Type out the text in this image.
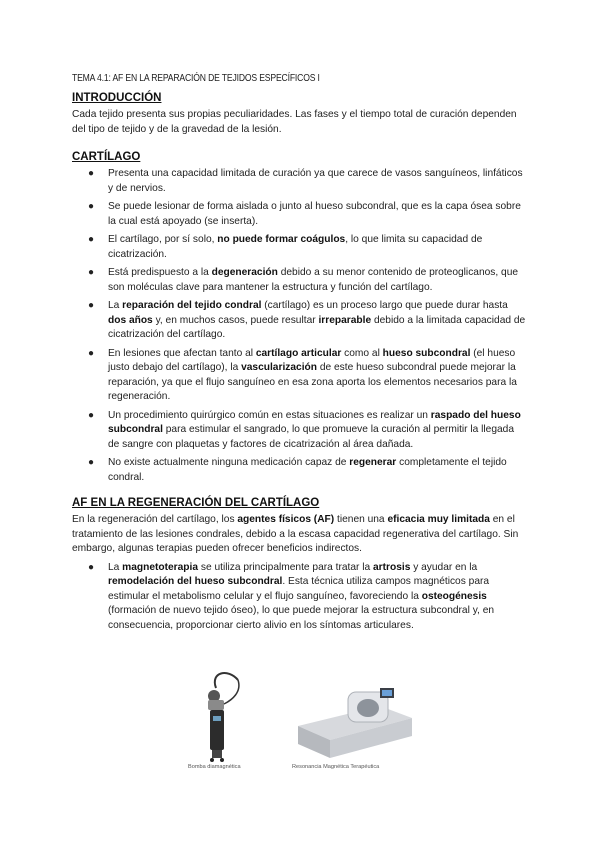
TEMA 4.1: AF EN LA REPARACIÓN DE TEJIDOS ESPECÍFICOS I
INTRODUCCIÓN

Cada tejido presenta sus propias peculiaridades. Las fases y el tiempo total de curación dependen del tipo de tejido y de la gravedad de la lesión.

CARTÍLAGO
● Presenta una capacidad limitada de curación ya que carece de vasos sanguíneos, linfáticos y de nervios.
● Se puede lesionar de forma aislada o junto al hueso subcondral, que es la capa ósea sobre la cual está apoyado (se inserta).
● El cartílago, por sí solo, no puede formar coágulos, lo que limita su capacidad de cicatrización.
● Está predispuesto a la degeneración debido a su menor contenido de proteoglicanos, que son moléculas clave para mantener la estructura y función del cartílago.
● La reparación del tejido condral (cartílago) es un proceso largo que puede durar hasta dos años y, en muchos casos, puede resultar irreparable debido a la limitada capacidad de cicatrización del cartílago.
● En lesiones que afectan tanto al cartílago articular como al hueso subcondral (el hueso justo debajo del cartílago), la vascularización de este hueso subcondral puede mejorar la reparación, ya que el flujo sanguíneo en esa zona aporta los elementos necesarios para la regeneración.
● Un procedimiento quirúrgico común en estas situaciones es realizar un raspado del hueso subcondral para estimular el sangrado, lo que promueve la curación al permitir la llegada de sangre con plaquetas y factores de cicatrización al área dañada.
● No existe actualmente ninguna medicación capaz de regenerar completamente el tejido condral.
AF EN LA REGENERACIÓN DEL CARTÍLAGO

En la regeneración del cartílago, los agentes físicos (AF) tienen una eficacia muy limitada en el tratamiento de las lesiones condrales, debido a la escasa capacidad regenerativa del cartílago. Sin embargo, algunas terapias pueden ofrecer beneficios indirectos.

● La magnetoterapia se utiliza principalmente para tratar la artrosis y ayudar en la remodelación del hueso subcondral. Esta técnica utiliza campos magnéticos para estimular el metabolismo celular y el flujo sanguíneo, favoreciendo la osteogénesis (formación de nuevo tejido óseo), lo que puede mejorar la estructura subcondral y, en consecuencia, proporcionar cierto alivio en los síntomas articulares.
Bomba diamagnética	Resonancia Magnética Terapéutica
